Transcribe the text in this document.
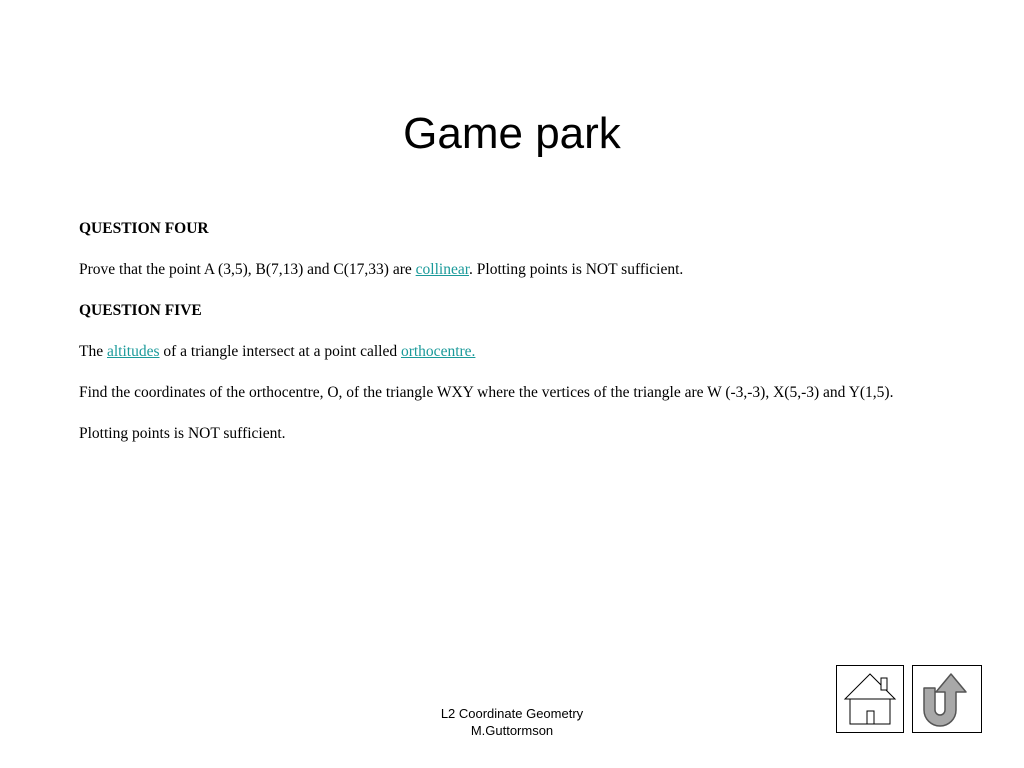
Game park

QUESTION FOUR

Prove that the point A (3,5), B(7,13) and C(17,33) are collinear. Plotting points is NOT sufficient.

QUESTION FIVE

The altitudes of a triangle intersect at a point called orthocentre.

Find the coordinates of the orthocentre, O, of the triangle WXY where the vertices of the triangle are W (-3,-3), X(5,-3) and Y(1,5).

Plotting points is NOT sufficient.

L2 Coordinate Geometry
M.Guttormson
